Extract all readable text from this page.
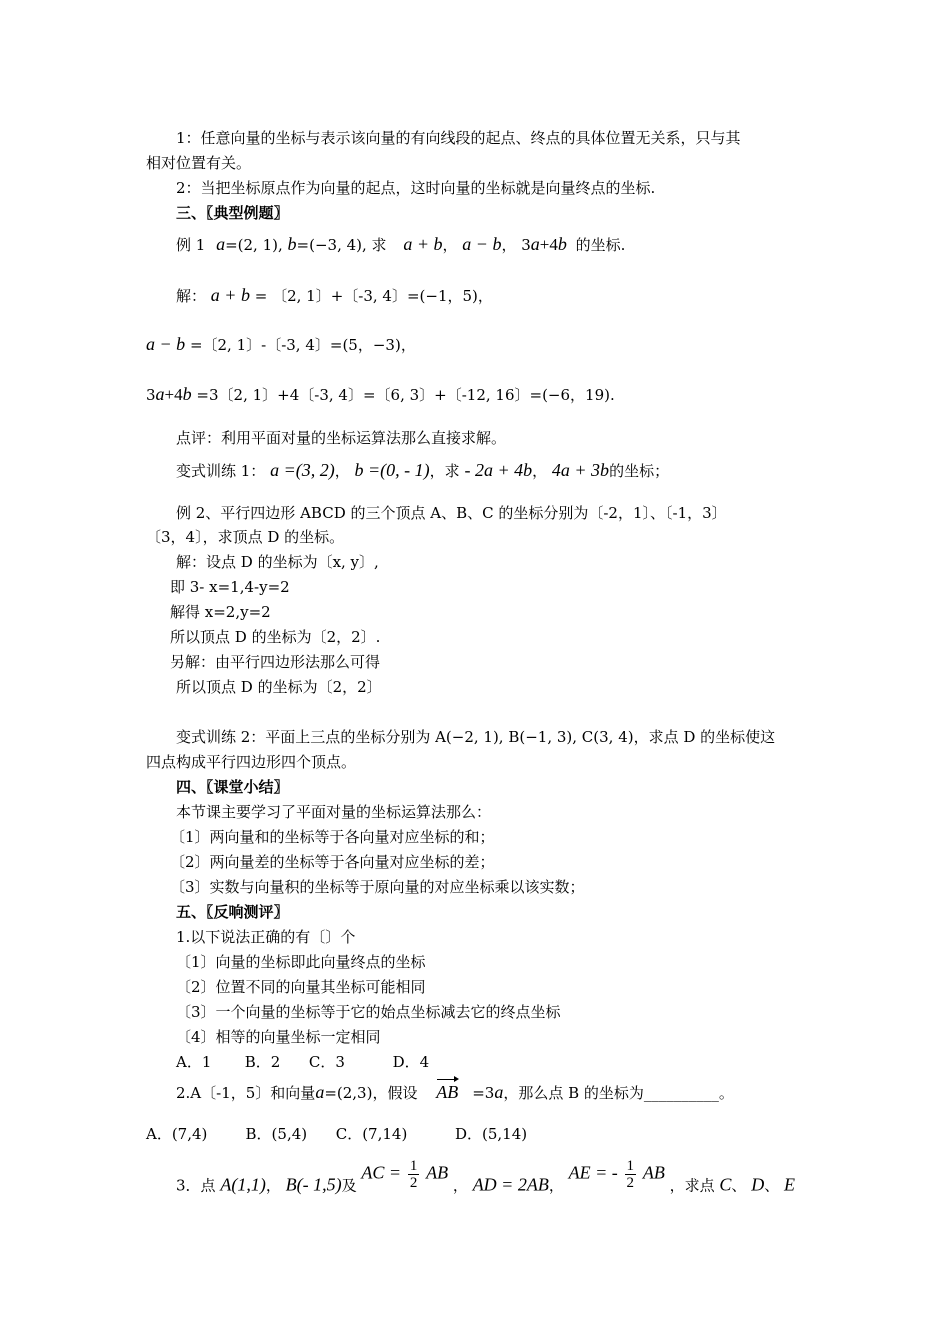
1：任意向量的坐标与表示该向量的有向线段的起点、终点的具体位置无关系，只与其
相对位置有关。
2：当把坐标原点作为向量的起点，这时向量的坐标就是向量终点的坐标.
三、〖典型例题〗
例 1 a=(2, 1), b=(−3, 4), 求 a + b， a − b， 3a+4b 的坐标.
解： a + b = 〔2, 1〕+〔-3, 4〕=(−1，5)，
a − b =〔2, 1〕-〔-3, 4〕=(5，−3)，
3a+4b =3〔2, 1〕+4〔-3, 4〕=〔6, 3〕+〔-12, 16〕=(−6，19).
点评：利用平面对量的坐标运算法那么直接求解。
变式训练 1： a =(3, 2)， b =(0, - 1)，求 - 2a + 4b， 4a + 3b的坐标；
例 2、平行四边形 ABCD 的三个顶点 A、B、C 的坐标分别为〔-2，1〕、〔-1，3〕
〔3，4〕，求顶点 D 的坐标。
解：设点 D 的坐标为〔x, y〕,
即 3- x=1,4-y=2
解得 x=2,y=2
所以顶点 D 的坐标为〔2，2〕.
另解：由平行四边形法那么可得
所以顶点 D 的坐标为〔2，2〕
变式训练 2：平面上三点的坐标分别为 A(−2, 1), B(−1, 3), C(3, 4)，求点 D 的坐标使这
四点构成平行四边形四个顶点。
四、〖课堂小结〗
本节课主要学习了平面对量的坐标运算法那么：
〔1〕两向量和的坐标等于各向量对应坐标的和；
〔2〕两向量差的坐标等于各向量对应坐标的差；
〔3〕实数与向量积的坐标等于原向量的对应坐标乘以该实数；
五、〖反响测评〗
1.以下说法正确的有〔〕个
〔1〕向量的坐标即此向量终点的坐标
〔2〕位置不同的向量其坐标可能相同
〔3〕一个向量的坐标等于它的始点坐标减去它的终点坐标
〔4〕相等的向量坐标一定相同
A．1       B．2      C．3          D．4
2.A〔-1，5〕和向量a=(2,3)，假设 AB =3a，那么点 B 的坐标为__________。
A．(7,4)        B．(5,4)      C．(7,14)          D．(5,14)
3．点 A(1,1)， B(- 1,5)及 AC = $\frac{1}{2}$ AB ， AD = 2AB， AE = - $\frac{1}{2}$ AB ，求点 C、 D、 E
